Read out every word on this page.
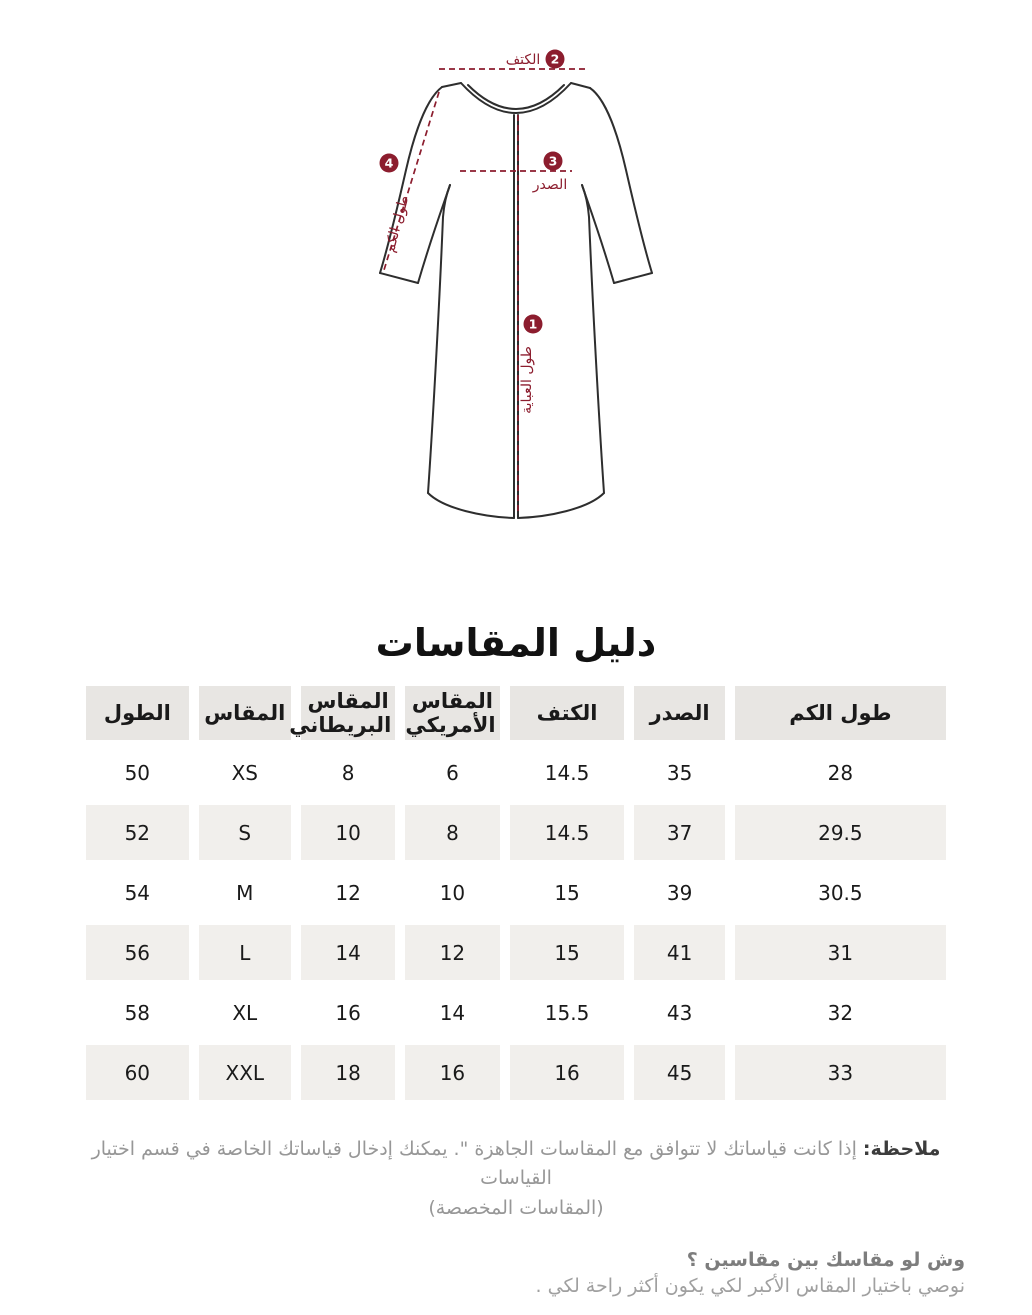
2
الكتف
3
الصدر
4
طول الكم
1
طول العباية
دليل المقاسات
طول الكم	الصدر	الكتف	المقاس الأمريكي	المقاس البريطاني	المقاس	الطول
28	35	14.5	6	8	XS	50
29.5	37	14.5	8	10	S	52
30.5	39	15	10	12	M	54
31	41	15	12	14	L	56
32	43	15.5	14	16	XL	58
33	45	16	16	18	XXL	60

ملاحظة: إذا كانت قياساتك لا تتوافق مع المقاسات الجاهزة ". يمكنك إدخال قياساتك الخاصة في قسم اختيار القياسات
(المقاسات المخصصة)

وش لو مقاسك بين مقاسين ؟
نوصي باختيار المقاس الأكبر لكي يكون أكثر راحة لكي .
